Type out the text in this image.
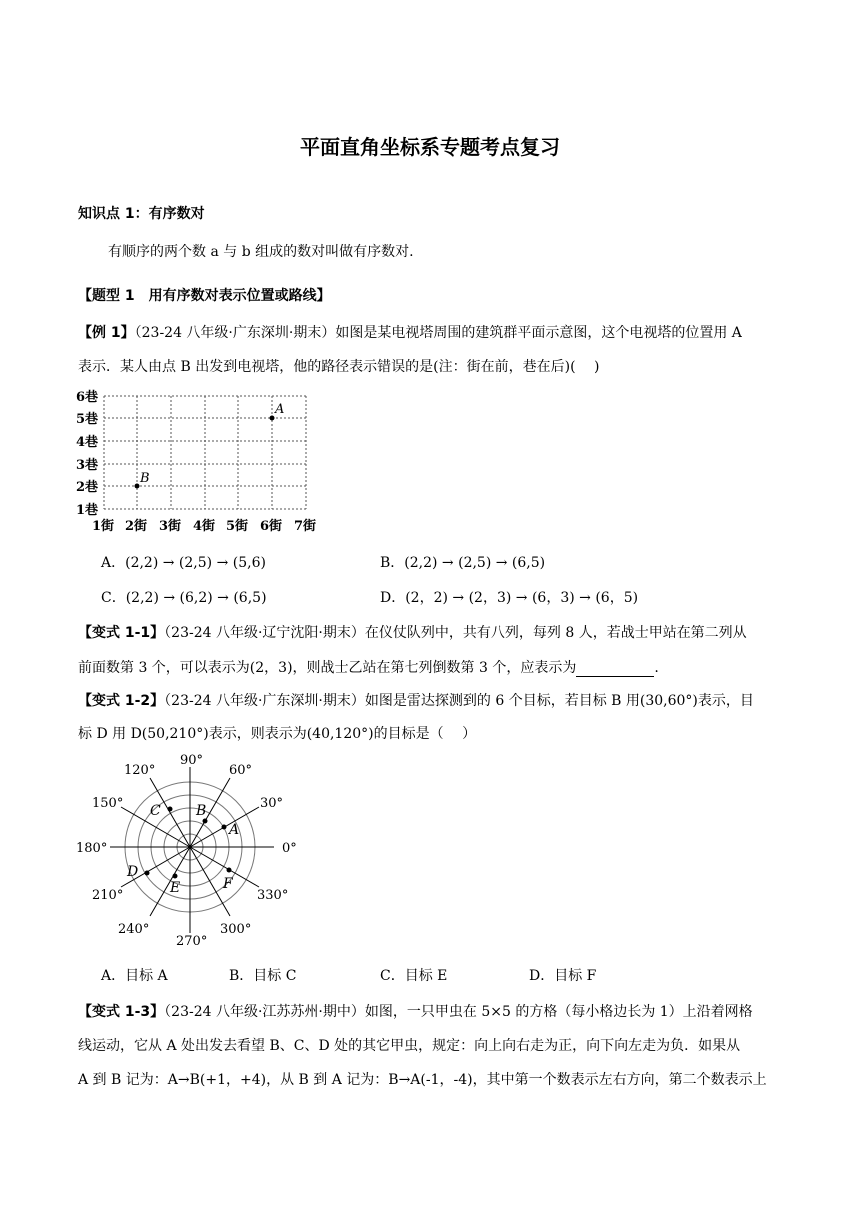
平面直角坐标系专题考点复习
知识点 1：有序数对
有顺序的两个数 a 与 b 组成的数对叫做有序数对.
【题型 1　用有序数对表示位置或路线】
【例 1】（23-24 八年级·广东深圳·期末）如图是某电视塔周围的建筑群平面示意图，这个电视塔的位置用 A
表示．某人由点 B 出发到电视塔，他的路径表示错误的是(注：街在前，巷在后)(　 )
6巷
5巷
4巷
3巷
2巷
1巷
1街 2街 3街 4街 5街 6街 7街
A
B
A．(2,2) → (2,5) → (5,6)	B．(2,2) → (2,5) → (6,5)
C．(2,2) → (6,2) → (6,5)	D．(2，2) → (2，3) → (6，3) → (6，5)
【变式 1-1】（23-24 八年级·辽宁沈阳·期末）在仪仗队列中，共有八列，每列 8 人，若战士甲站在第二列从
前面数第 3 个，可以表示为(2，3)，则战士乙站在第七列倒数第 3 个，应表示为	.
【变式 1-2】（23-24 八年级·广东深圳·期末）如图是雷达探测到的 6 个目标，若目标 B 用(30,60°)表示，目
标 D 用 D(50,210°)表示，则表示为(40,120°)的目标是（　 ）
0°
30°
60°
90°
120°
150°
180°
210°
240°
270°
300°
330°
A
B
C
D
E	F
A．目标 A	B．目标 C	C．目标 E	D．目标 F
【变式 1-3】（23-24 八年级·江苏苏州·期中）如图，一只甲虫在 5×5 的方格（每小格边长为 1）上沿着网格
线运动，它从 A 处出发去看望 B、C、D 处的其它甲虫，规定：向上向右走为正，向下向左走为负．如果从
A 到 B 记为：A→B(+1，+4)，从 B 到 A 记为：B→A(-1，-4)，其中第一个数表示左右方向，第二个数表示上
